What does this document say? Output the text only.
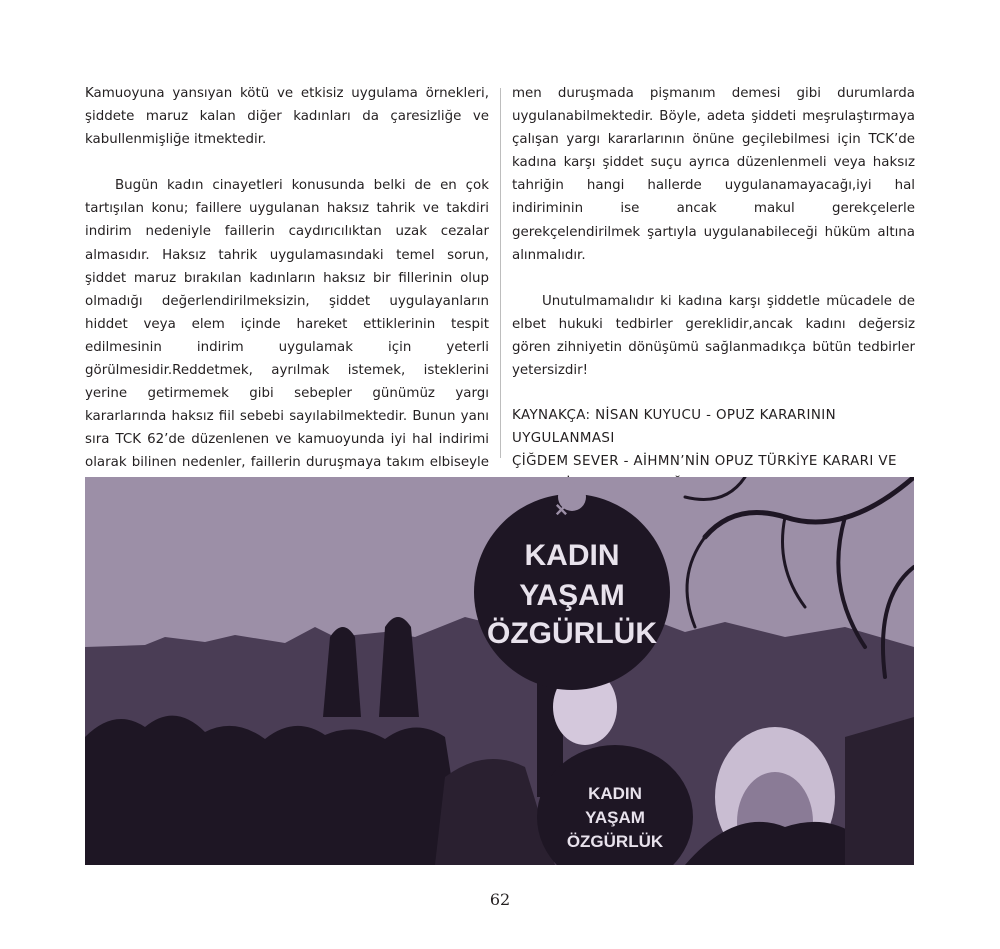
Kamuoyuna yansıyan kötü ve etkisiz uygulama örnekleri, şiddete maruz kalan diğer kadınları da çaresizliğe ve kabullenmişliğe itmektedir.

Bugün kadın cinayetleri konusunda belki de en çok tartışılan konu; faillere uygulanan haksız tahrik ve takdiri indirim nedeniyle faillerin caydırıcılıktan uzak cezalar almasıdır. Haksız tahrik uygulamasındaki temel sorun, şiddet maruz bırakılan kadınların haksız bir fillerinin olup olmadığı değerlendirilmeksizin, şiddet uygulayanların hiddet veya elem içinde hareket ettiklerinin tespit edilmesinin indirim uygulamak için yeterli görülmesidir.Reddetmek, ayrılmak istemek, isteklerini yerine getirmemek gibi sebepler günümüz yargı kararlarında haksız fiil sebebi sayılabilmektedir. Bunun yanı sıra TCK 62’de düzenlenen ve kamuoyunda iyi hal indirimi olarak bilinen nedenler, faillerin duruşmaya takım elbiseyle

men duruşmada pişmanım demesi gibi durumlarda uygulanabilmektedir. Böyle, adeta şiddeti meşrulaştırmaya çalışan yargı kararlarının önüne geçilebilmesi için TCK’de kadına karşı şiddet suçu ayrıca düzenlenmeli veya haksız tahriğin hangi hallerde uygulanamayacağı,iyi hal indiriminin ise ancak makul gerekçelerle gerekçelendirilmek şartıyla uygulanabileceği hüküm altına alınmalıdır.

Unutulmamalıdır ki kadına karşı şiddetle mücadele de elbet hukuki tedbirler gereklidir,ancak kadını değersiz gören zihniyetin dönüşümü sağlanmadıkça bütün tedbirler yetersizdir!

KAYNAKÇA: NİSAN KUYUCU - OPUZ KARARININ UYGULANMASI
ÇİĞDEM SEVER - AİHMN’NİN OPUZ TÜRKİYE KARARI VE
×
KADIN
YAŞAM
ÖZGÜRLÜK
KADIN
YAŞAM
ÖZGÜRLÜK
62
